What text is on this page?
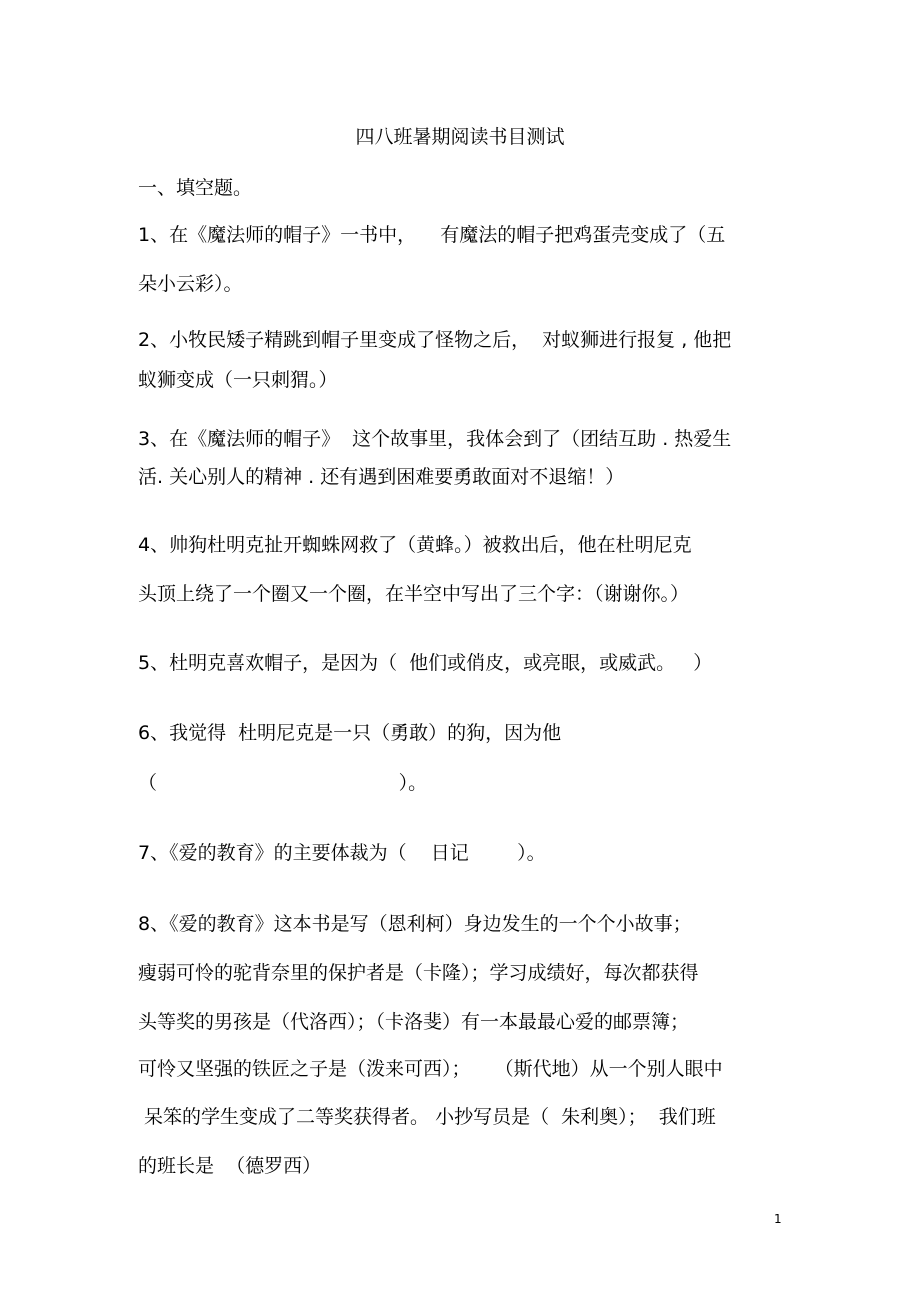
四八班暑期阅读书目测试

一、填空题。

1、在《魔法师的帽子》一书中，    有魔法的帽子把鸡蛋壳变成了（五

朵小云彩）。

2、小牧民矮子精跳到帽子里变成了怪物之后，  对蚁狮进行报复 , 他把

蚁狮变成（一只刺猬。）

3、在《魔法师的帽子》  这个故事里，我体会到了（团结互助 . 热爱生

活. 关心别人的精神 . 还有遇到困难要勇敢面对不退缩！）

4、帅狗杜明克扯开蜘蛛网救了（黄蜂。）被救出后，他在杜明尼克

头顶上绕了一个圈又一个圈，在半空中写出了三个字：（谢谢你。）

5、杜明克喜欢帽子，是因为（  他们或俏皮，或亮眼，或威武。   ）

6、我觉得  杜明尼克是一只（勇敢）的狗，因为他

（                                        ）。

7、《爱的教育》的主要体裁为（    日记        ）。

8、《爱的教育》这本书是写（恩利柯）身边发生的一个个小故事；

瘦弱可怜的驼背奈里的保护者是（卡隆）；学习成绩好，每次都获得

头等奖的男孩是（代洛西）；（卡洛斐）有一本最最心爱的邮票簿；

可怜又坚强的铁匠之子是（泼来可西）；    （斯代地）从一个别人眼中

呆笨的学生变成了二等奖获得者。 小抄写员是（  朱利奥）；  我们班

的班长是  （德罗西）

1
